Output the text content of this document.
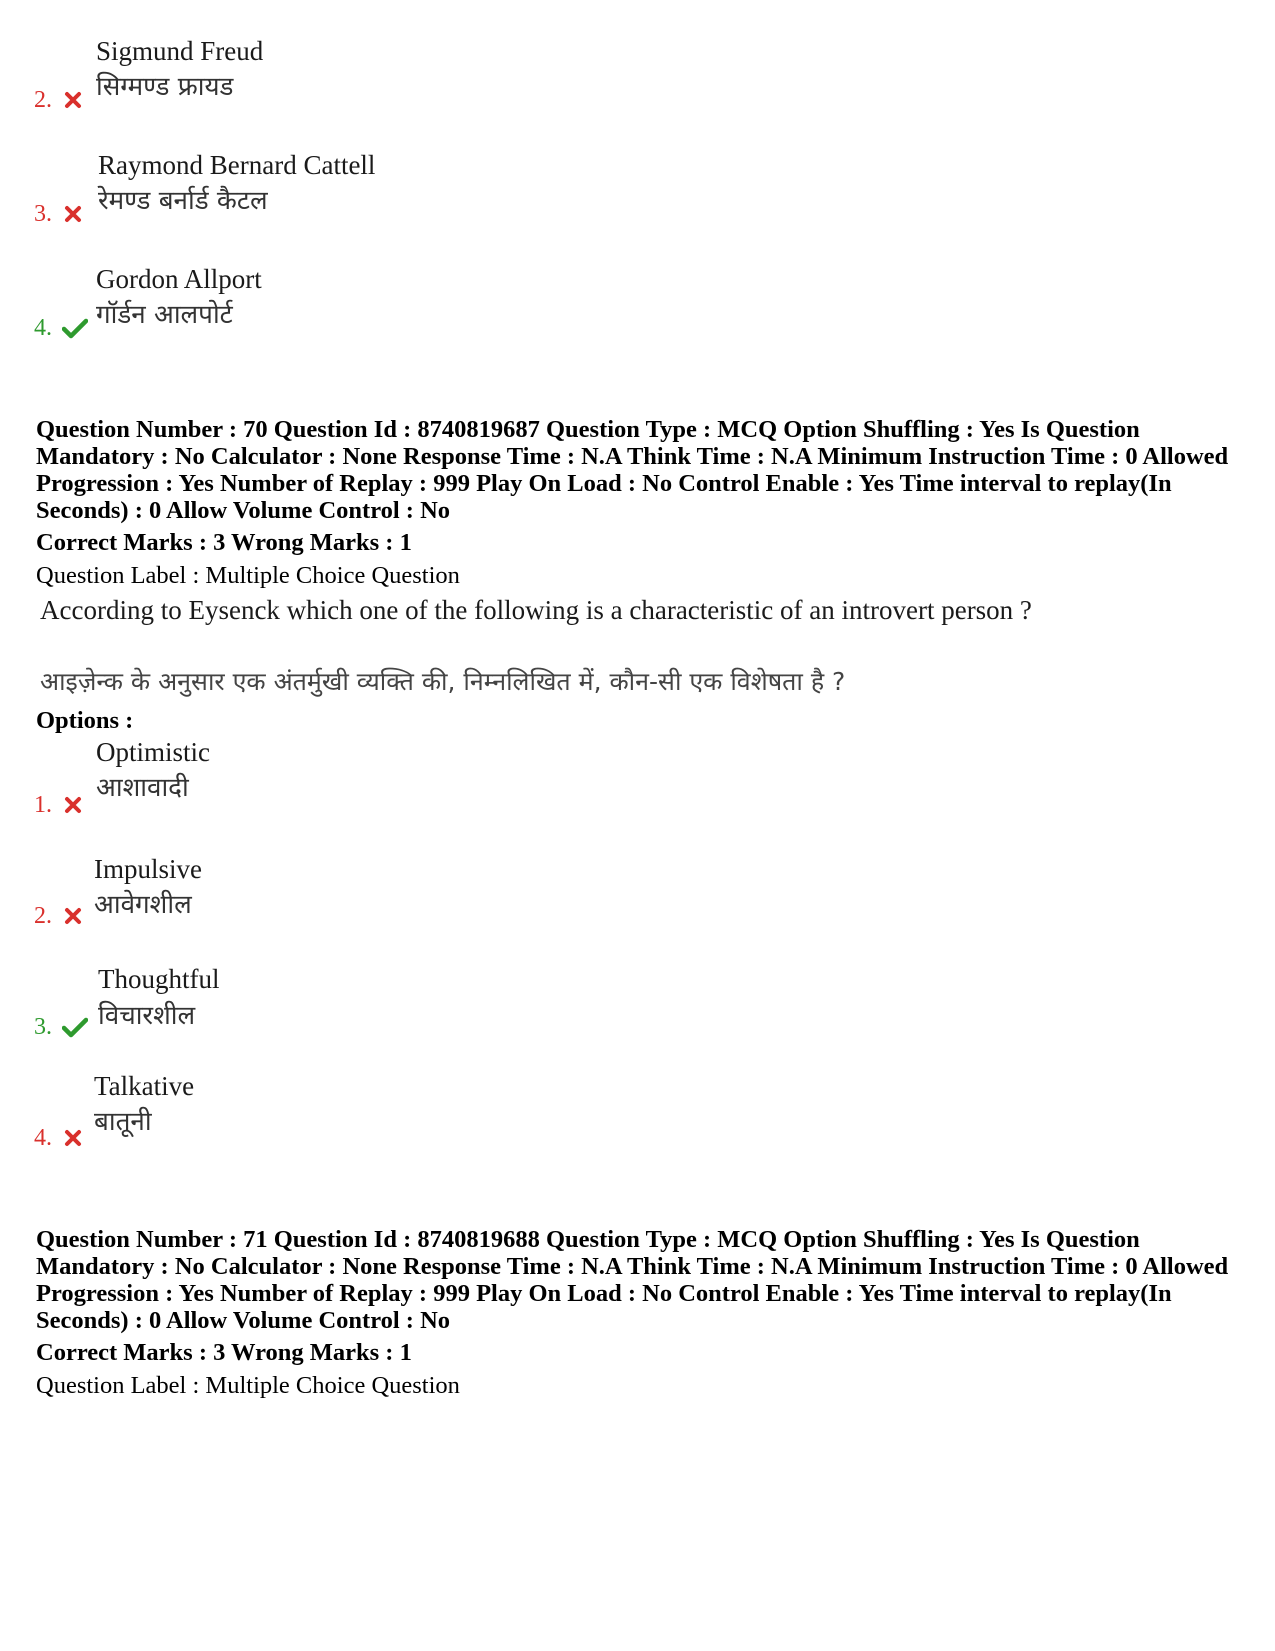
Sigmund Freud
सिग्मण्ड फ्रायड
2.
Raymond Bernard Cattell
रेमण्ड बर्नार्ड कैटल
3.
Gordon Allport
गॉर्डन आलपोर्ट
4.
Question Number : 70 Question Id : 8740819687 Question Type : MCQ Option Shuffling : Yes Is Question Mandatory : No Calculator : None Response Time : N.A Think Time : N.A Minimum Instruction Time : 0 Allowed Progression : Yes Number of Replay : 999 Play On Load : No Control Enable : Yes Time interval to replay(In Seconds) : 0 Allow Volume Control : No
Correct Marks : 3 Wrong Marks : 1
Question Label : Multiple Choice Question
According to Eysenck which one of the following is a characteristic of an introvert person ?
आइज़ेन्क के अनुसार एक अंतर्मुखी व्यक्ति की, निम्नलिखित में, कौन-सी एक विशेषता है ?
Options :
Optimistic
आशावादी
1.
Impulsive
आवेगशील
2.
Thoughtful
विचारशील
3.
Talkative
बातूनी
4.
Question Number : 71 Question Id : 8740819688 Question Type : MCQ Option Shuffling : Yes Is Question Mandatory : No Calculator : None Response Time : N.A Think Time : N.A Minimum Instruction Time : 0 Allowed Progression : Yes Number of Replay : 999 Play On Load : No Control Enable : Yes Time interval to replay(In Seconds) : 0 Allow Volume Control : No
Correct Marks : 3 Wrong Marks : 1
Question Label : Multiple Choice Question
